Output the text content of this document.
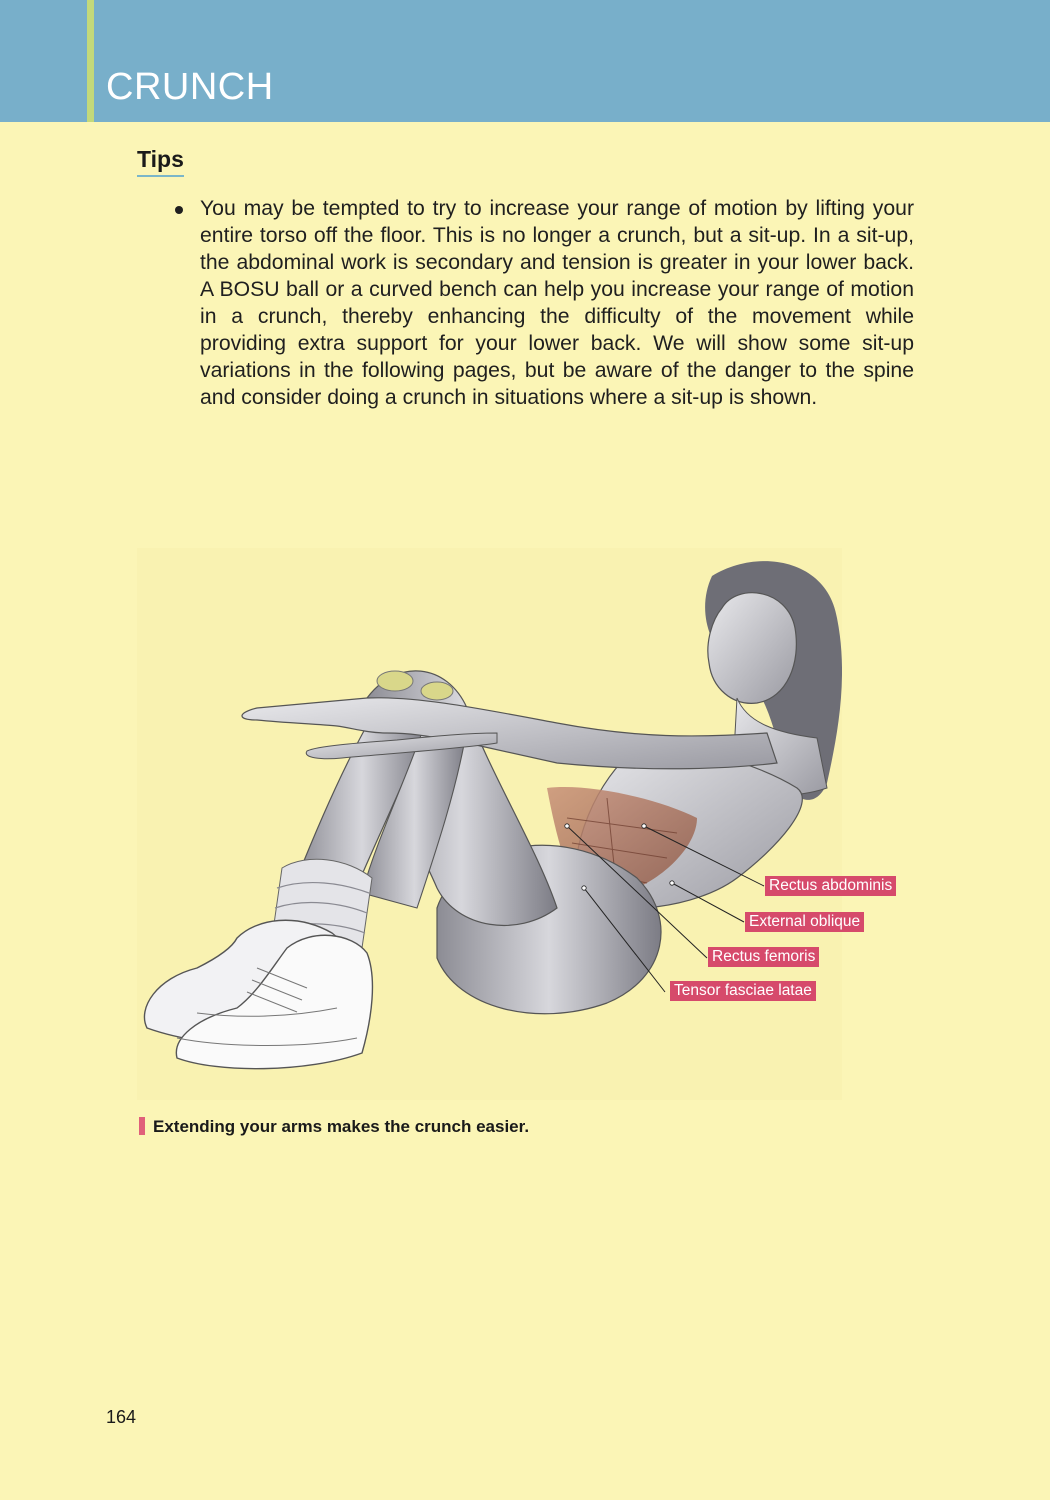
CRUNCH
Tips
You may be tempted to try to increase your range of motion by lifting your entire torso off the floor. This is no longer a crunch, but a sit-up. In a sit-up, the abdominal work is secondary and tension is greater in your lower back. A BOSU ball or a curved bench can help you increase your range of motion in a crunch, thereby enhancing the difficulty of the movement while providing extra support for your lower back. We will show some sit-up variations in the following pages, but be aware of the danger to the spine and consider doing a crunch in situations where a sit-up is shown.
Rectus abdominis
External oblique
Rectus femoris
Tensor fasciae latae
Extending your arms makes the crunch easier.
164
